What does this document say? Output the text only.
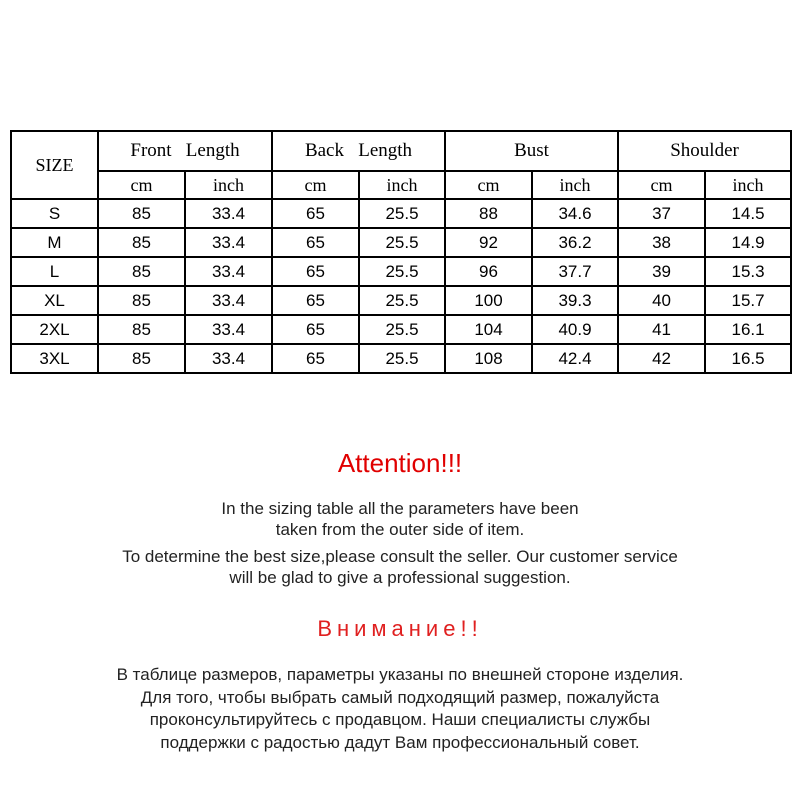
SIZE	Front   Length		Back   Length		Bust		Shoulder	
	cm	inch	cm	inch	cm	inch	cm	inch
S	85	33.4	65	25.5	88	34.6	37	14.5
M	85	33.4	65	25.5	92	36.2	38	14.9
L	85	33.4	65	25.5	96	37.7	39	15.3
XL	85	33.4	65	25.5	100	39.3	40	15.7
2XL	85	33.4	65	25.5	104	40.9	41	16.1
3XL	85	33.4	65	25.5	108	42.4	42	16.5
Attention!!!

In the sizing table all the parameters have been

taken from the outer side of item.

To determine the best size,please consult the seller. Our customer service

will be glad to give a professional suggestion.

Внимание!!

В таблице размеров, параметры указаны по внешней стороне изделия.

Для того, чтобы выбрать самый подходящий размер, пожалуйста

проконсультируйтесь с продавцом. Наши специалисты службы

поддержки с радостью дадут Вам профессиональный совет.
